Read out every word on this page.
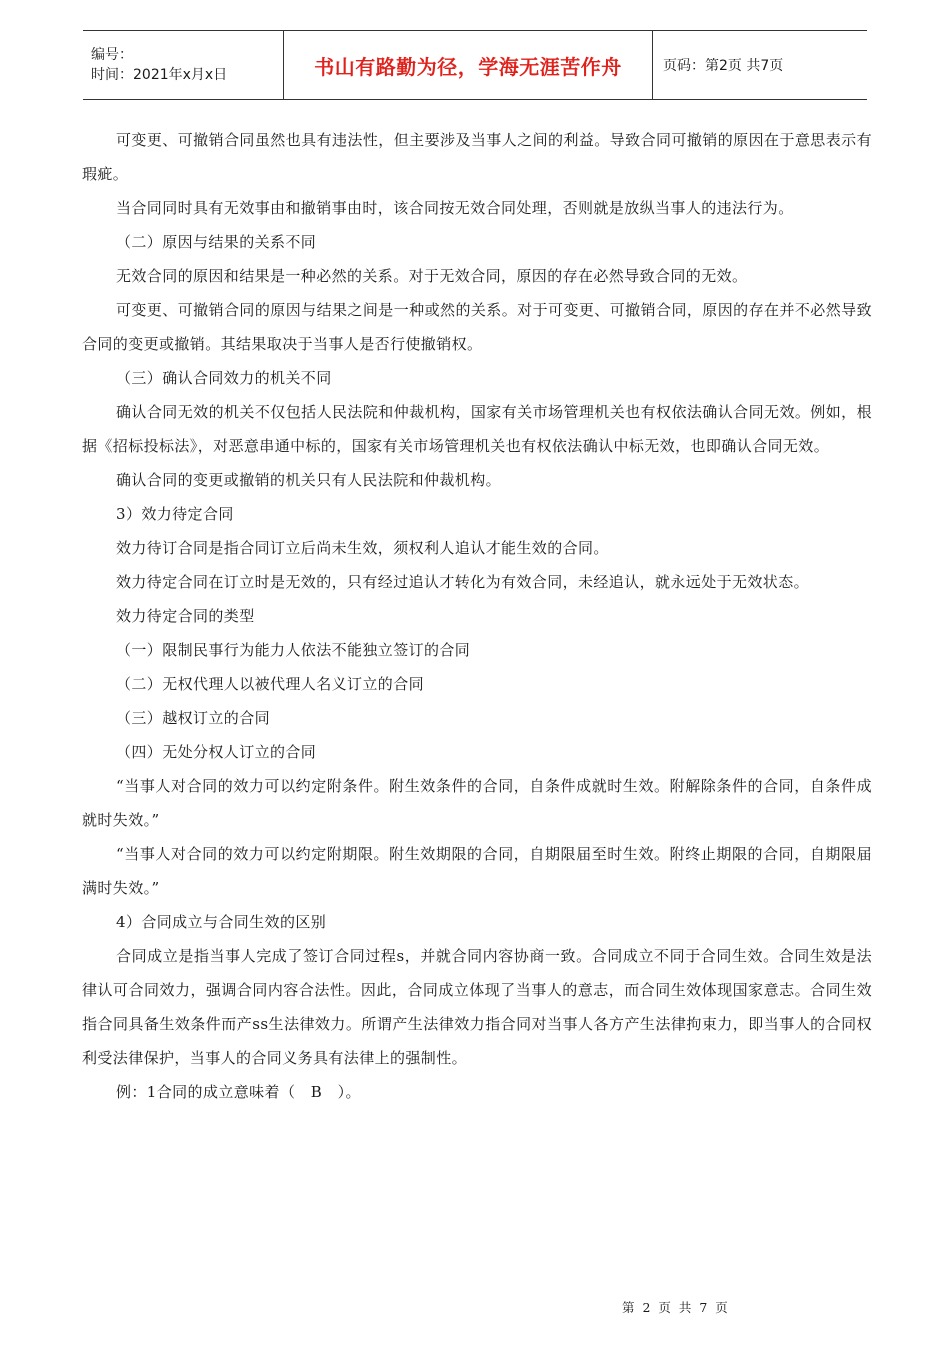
编号：
时间：2021年x月x日	书山有路勤为径，学海无涯苦作舟	页码：第2页 共7页

可变更、可撤销合同虽然也具有违法性，但主要涉及当事人之间的利益。导致合同可撤销的原因在于意思表示有瑕疵。

当合同同时具有无效事由和撤销事由时，该合同按无效合同处理，否则就是放纵当事人的违法行为。

（二）原因与结果的关系不同

无效合同的原因和结果是一种必然的关系。对于无效合同，原因的存在必然导致合同的无效。

可变更、可撤销合同的原因与结果之间是一种或然的关系。对于可变更、可撤销合同，原因的存在并不必然导致合同的变更或撤销。其结果取决于当事人是否行使撤销权。

（三）确认合同效力的机关不同

确认合同无效的机关不仅包括人民法院和仲裁机构，国家有关市场管理机关也有权依法确认合同无效。例如，根据《招标投标法》，对恶意串通中标的，国家有关市场管理机关也有权依法确认中标无效，也即确认合同无效。

确认合同的变更或撤销的机关只有人民法院和仲裁机构。

3）效力待定合同

效力待订合同是指合同订立后尚未生效，须权利人追认才能生效的合同。

效力待定合同在订立时是无效的，只有经过追认才转化为有效合同，未经追认，就永远处于无效状态。

效力待定合同的类型

（一）限制民事行为能力人依法不能独立签订的合同

（二）无权代理人以被代理人名义订立的合同

（三）越权订立的合同

（四）无处分权人订立的合同

“当事人对合同的效力可以约定附条件。附生效条件的合同，自条件成就时生效。附解除条件的合同，自条件成就时失效。”

“当事人对合同的效力可以约定附期限。附生效期限的合同，自期限届至时生效。附终止期限的合同，自期限届满时失效。”

4）合同成立与合同生效的区别

合同成立是指当事人完成了签订合同过程s，并就合同内容协商一致。合同成立不同于合同生效。合同生效是法律认可合同效力，强调合同内容合法性。因此，合同成立体现了当事人的意志，而合同生效体现国家意志。合同生效指合同具备生效条件而产ss生法律效力。所谓产生法律效力指合同对当事人各方产生法律拘束力，即当事人的合同权利受法律保护，当事人的合同义务具有法律上的强制性。

例：1合同的成立意味着（　B　）。

第 2 页 共 7 页
